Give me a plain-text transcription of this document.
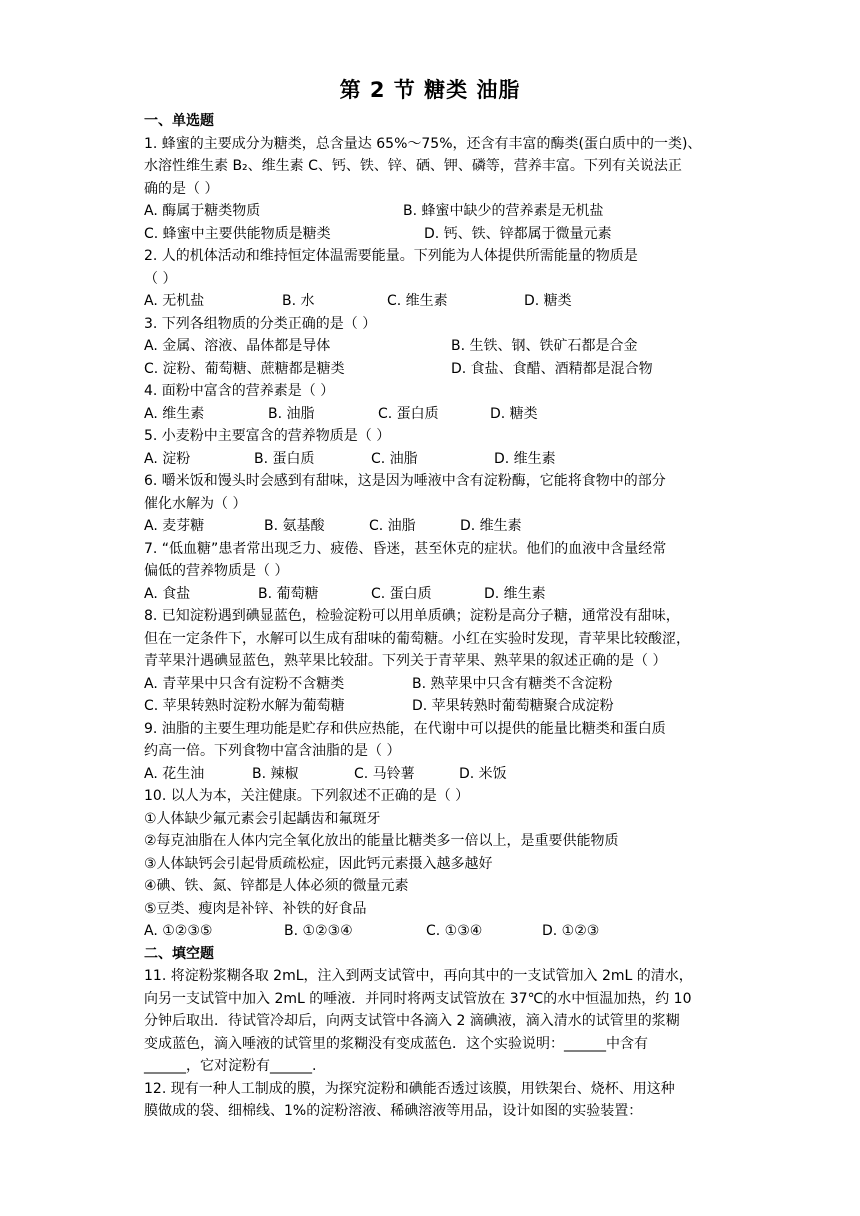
第 2 节 糖类 油脂
一、单选题
1. 蜂蜜的主要成分为糖类，总含量达 65%～75%，还含有丰富的酶类(蛋白质中的一类)、
水溶性维生素 B₂、维生素 C、钙、铁、锌、硒、钾、磷等，营养丰富。下列有关说法正
确的是（ ）
A. 酶属于糖类物质	B. 蜂蜜中缺少的营养素是无机盐
C. 蜂蜜中主要供能物质是糖类	D. 钙、铁、锌都属于微量元素
2. 人的机体活动和维持恒定体温需要能量。下列能为人体提供所需能量的物质是
（ ）
A. 无机盐	B. 水	C. 维生素	D. 糖类
3. 下列各组物质的分类正确的是（ ）
A. 金属、溶液、晶体都是导体	B. 生铁、钢、铁矿石都是合金
C. 淀粉、葡萄糖、蔗糖都是糖类	D. 食盐、食醋、酒精都是混合物
4. 面粉中富含的营养素是（ ）
A. 维生素	B. 油脂	C. 蛋白质	D. 糖类
5. 小麦粉中主要富含的营养物质是（ ）
A. 淀粉	B. 蛋白质	C. 油脂	D. 维生素
6. 嚼米饭和馒头时会感到有甜味，这是因为唾液中含有淀粉酶，它能将食物中的部分
催化水解为（ ）
A. 麦芽糖	B. 氨基酸	C. 油脂	D. 维生素
7. “低血糖”患者常出现乏力、疲倦、昏迷，甚至休克的症状。他们的血液中含量经常
偏低的营养物质是（ ）
A. 食盐	B. 葡萄糖	C. 蛋白质	D. 维生素
8. 已知淀粉遇到碘显蓝色，检验淀粉可以用单质碘；淀粉是高分子糖，通常没有甜味，
但在一定条件下，水解可以生成有甜味的葡萄糖。小红在实验时发现，青苹果比较酸涩，
青苹果汁遇碘显蓝色，熟苹果比较甜。下列关于青苹果、熟苹果的叙述正确的是（ ）
A. 青苹果中只含有淀粉不含糖类	B. 熟苹果中只含有糖类不含淀粉
C. 苹果转熟时淀粉水解为葡萄糖	D. 苹果转熟时葡萄糖聚合成淀粉
9. 油脂的主要生理功能是贮存和供应热能，在代谢中可以提供的能量比糖类和蛋白质
约高一倍。下列食物中富含油脂的是（ ）
A. 花生油	B. 辣椒	C. 马铃薯	D. 米饭
10. 以人为本，关注健康。下列叙述不正确的是（ ）
①人体缺少氟元素会引起龋齿和氟斑牙
②每克油脂在人体内完全氧化放出的能量比糖类多一倍以上，是重要供能物质
③人体缺钙会引起骨质疏松症，因此钙元素摄入越多越好
④碘、铁、氮、锌都是人体必须的微量元素
⑤豆类、瘦肉是补锌、补铁的好食品
A. ①②③⑤	B. ①②③④	C. ①③④	D. ①②③
二、填空题
11. 将淀粉浆糊各取 2mL，注入到两支试管中，再向其中的一支试管加入 2mL 的清水，
向另一支试管中加入 2mL 的唾液．并同时将两支试管放在 37℃的水中恒温加热，约 10
分钟后取出．待试管冷却后，向两支试管中各滴入 2 滴碘液，滴入清水的试管里的浆糊
变成蓝色，滴入唾液的试管里的浆糊没有变成蓝色．这个实验说明：______中含有
______，它对淀粉有______.
12. 现有一种人工制成的膜，为探究淀粉和碘能否透过该膜，用铁架台、烧杯、用这种
膜做成的袋、细棉线、1%的淀粉溶液、稀碘溶液等用品，设计如图的实验装置：
